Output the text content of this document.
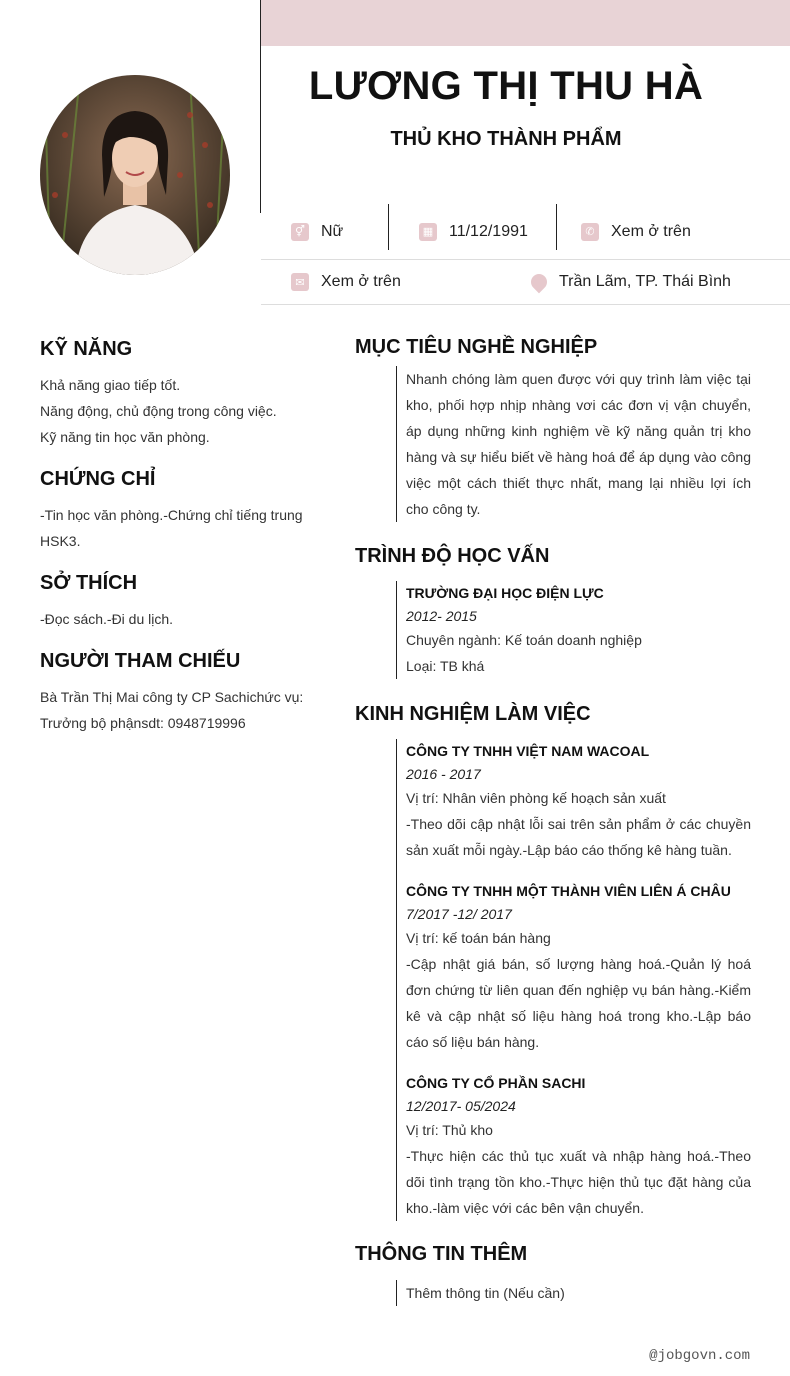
LƯƠNG THỊ THU HÀ
THỦ KHO THÀNH PHẨM
⚥ Nữ	▦ 11/12/1991	✆ Xem ở trên
✉ Xem ở trên	Trần Lãm, TP. Thái Bình
KỸ NĂNG
Khả năng giao tiếp tốt.
Năng động, chủ động trong công việc.
Kỹ năng tin học văn phòng.
CHỨNG CHỈ
-Tin học văn phòng.-Chứng chỉ tiếng trung HSK3.
SỞ THÍCH
-Đọc sách.-Đi du lịch.
NGƯỜI THAM CHIẾU
Bà Trần Thị Mai công ty CP Sachichức vụ: Trưởng bộ phậnsdt: 0948719996
MỤC TIÊU NGHỀ NGHIỆP
Nhanh chóng làm quen được với quy trình làm việc tại kho, phối hợp nhịp nhàng vơi các đơn vị vận chuyển, áp dụng những kinh nghiệm về kỹ năng quản trị kho hàng và sự hiểu biết về hàng hoá để áp dụng vào công việc một cách thiết thực nhất, mang lại nhiều lợi ích cho công ty.
TRÌNH ĐỘ HỌC VẤN
TRƯỜNG ĐẠI HỌC ĐIỆN LỰC
2012- 2015
Chuyên ngành: Kế toán doanh nghiệp
Loại: TB khá
KINH NGHIỆM LÀM VIỆC
CÔNG TY TNHH VIỆT NAM WACOAL
2016 - 2017
Vị trí: Nhân viên phòng kế hoạch sản xuất
-Theo dõi cập nhật lỗi sai trên sản phẩm ở các chuyền sản xuất mỗi ngày.-Lập báo cáo thống kê hàng tuần.
CÔNG TY TNHH MỘT THÀNH VIÊN LIÊN Á CHÂU
7/2017 -12/ 2017
Vị trí: kế toán bán hàng
-Cập nhật giá bán, số lượng hàng hoá.-Quản lý hoá đơn chứng từ liên quan đến nghiệp vụ bán hàng.-Kiểm kê và cập nhật số liệu hàng hoá trong kho.-Lập báo cáo số liệu bán hàng.
CÔNG TY CỔ PHẦN SACHI
12/2017- 05/2024
Vị trí: Thủ kho
-Thực hiện các thủ tục xuất và nhập hàng hoá.-Theo dõi tình trạng tồn kho.-Thực hiện thủ tục đặt hàng của kho.-làm việc với các bên vận chuyển.
THÔNG TIN THÊM
Thêm thông tin (Nếu cần)
@jobgovn.com
